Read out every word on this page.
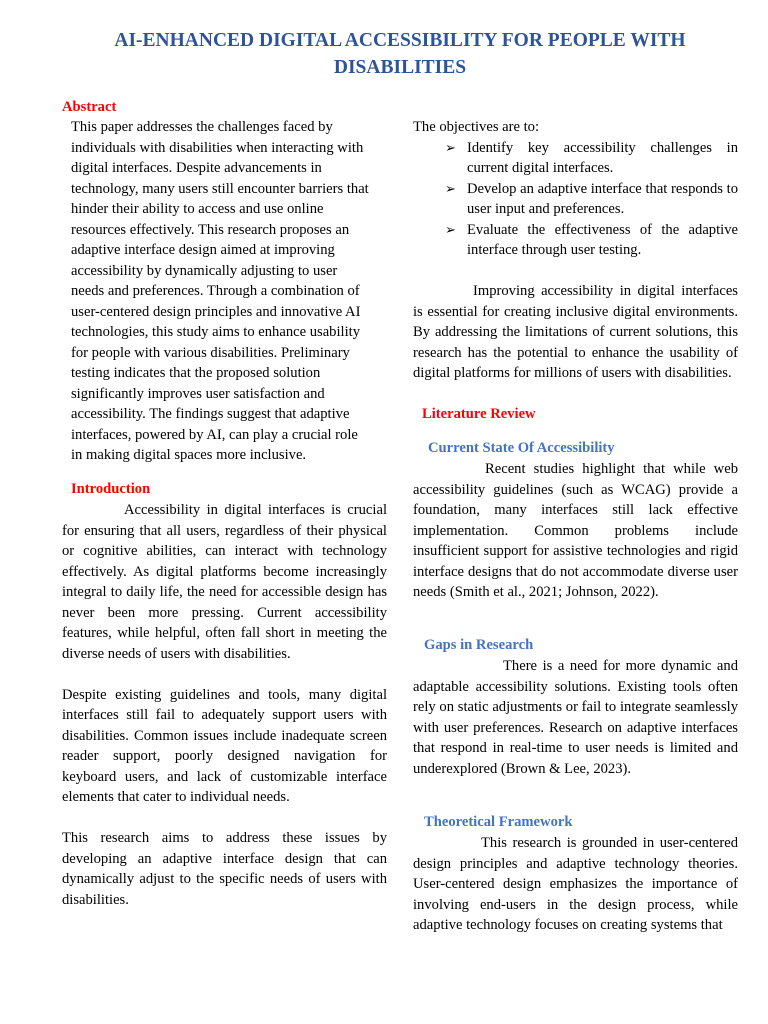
AI-ENHANCED DIGITAL ACCESSIBILITY FOR PEOPLE WITH DISABILITIES
Abstract

This paper addresses the challenges faced by individuals with disabilities when interacting with digital interfaces. Despite advancements in technology, many users still encounter barriers that hinder their ability to access and use online resources effectively. This research proposes an adaptive interface design aimed at improving accessibility by dynamically adjusting to user needs and preferences. Through a combination of user-centered design principles and innovative AI technologies, this study aims to enhance usability for people with various disabilities. Preliminary testing indicates that the proposed solution significantly improves user satisfaction and accessibility. The findings suggest that adaptive interfaces, powered by AI, can play a crucial role in making digital spaces more inclusive.

Introduction

Accessibility in digital interfaces is crucial for ensuring that all users, regardless of their physical or cognitive abilities, can interact with technology effectively. As digital platforms become increasingly integral to daily life, the need for accessible design has never been more pressing. Current accessibility features, while helpful, often fall short in meeting the diverse needs of users with disabilities.

Despite existing guidelines and tools, many digital interfaces still fail to adequately support users with disabilities. Common issues include inadequate screen reader support, poorly designed navigation for keyboard users, and lack of customizable interface elements that cater to individual needs.

This research aims to address these issues by developing an adaptive interface design that can dynamically adjust to the specific needs of users with disabilities.

The objectives are to:

➢ Identify key accessibility challenges in current digital interfaces.
➢ Develop an adaptive interface that responds to user input and preferences.
➢ Evaluate the effectiveness of the adaptive interface through user testing.

Improving accessibility in digital interfaces is essential for creating inclusive digital environments. By addressing the limitations of current solutions, this research has the potential to enhance the usability of digital platforms for millions of users with disabilities.

Literature Review
Current State Of Accessibility

Recent studies highlight that while web accessibility guidelines (such as WCAG) provide a foundation, many interfaces still lack effective implementation. Common problems include insufficient support for assistive technologies and rigid interface designs that do not accommodate diverse user needs (Smith et al., 2021; Johnson, 2022).

Gaps in Research

There is a need for more dynamic and adaptable accessibility solutions. Existing tools often rely on static adjustments or fail to integrate seamlessly with user preferences. Research on adaptive interfaces that respond in real-time to user needs is limited and underexplored (Brown & Lee, 2023).

Theoretical Framework

This research is grounded in user-centered design principles and adaptive technology theories. User-centered design emphasizes the importance of involving end-users in the design process, while adaptive technology focuses on creating systems that
